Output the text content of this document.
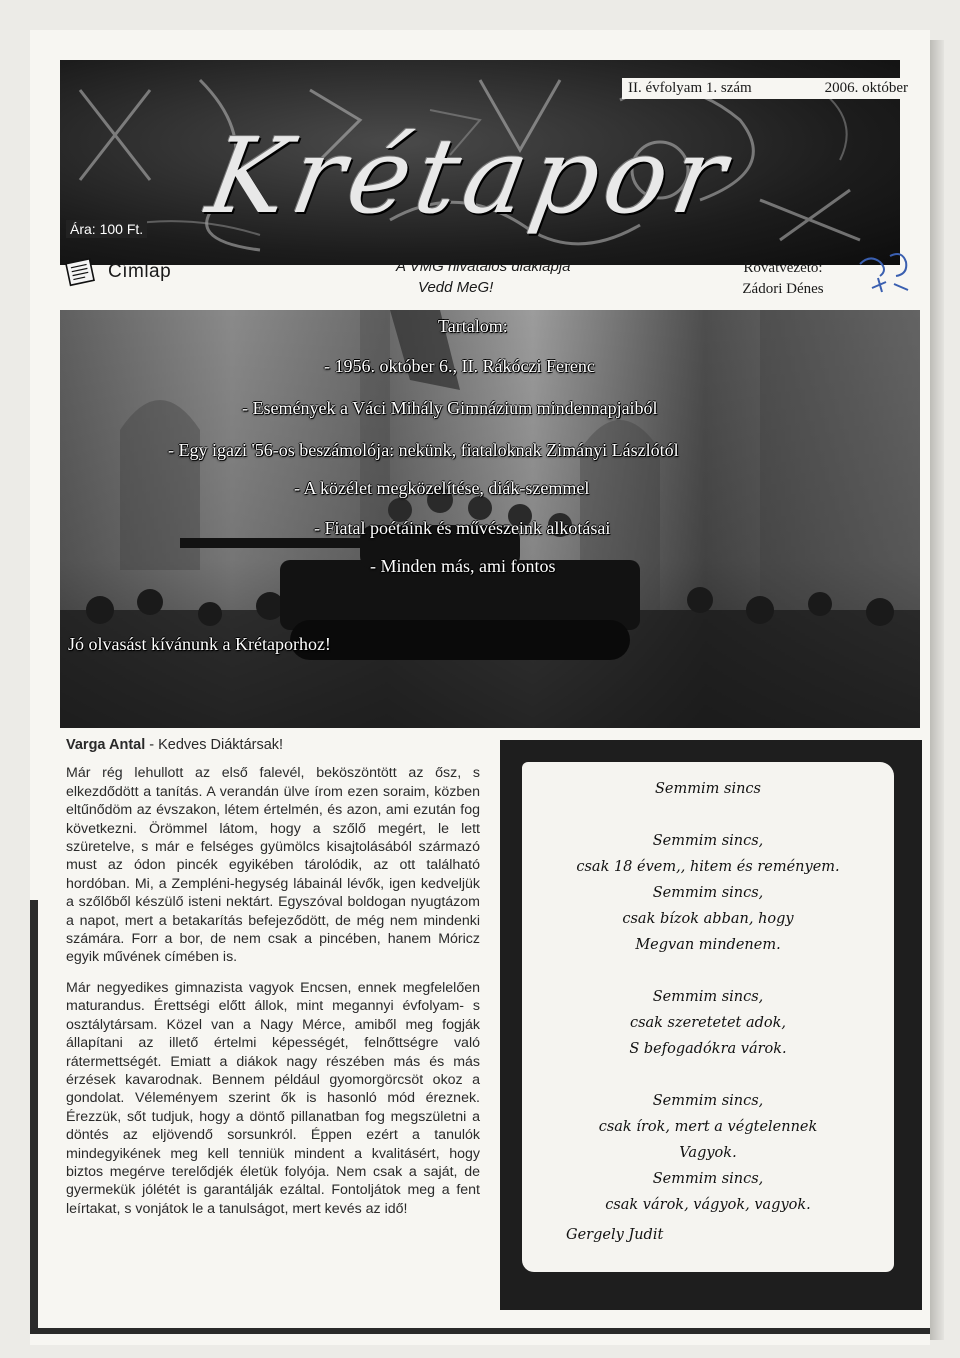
Krétapor
II. évfolyam 1. szám	2006. október
Ára: 100 Ft.
Címlap	A VMG hivatalos diáklapja
Vedd MeG!
Rovatvezető:
Zádori Dénes
Tartalom:
- 1956. október 6., II. Rákóczi Ferenc
- Események a Váci Mihály Gimnázium mindennapjaiból
- Egy igazi '56-os beszámolója: nekünk, fiataloknak Zimányi Lászlótól
- A közélet megközelítése, diák-szemmel
- Fiatal poétáink és művészeink alkotásai
- Minden más, ami fontos
Jó olvasást kívánunk a Krétaporhoz!
Varga Antal - Kedves Diáktársak!

Már rég lehullott az első falevél, beköszöntött az ősz, s elkezdődött a tanítás. A verandán ülve írom ezen soraim, közben eltűnődöm az évszakon, létem értelmén, és azon, ami ezután fog következni. Örömmel látom, hogy a szőlő megért, le lett szüretelve, s már e felséges gyümölcs kisajtolásából származó must az ódon pincék egyikében tárolódik, az ott található hordóban. Mi, a Zempléni-hegység lábainál lévők, igen kedveljük a szőlőből készülő isteni nektárt. Egyszóval boldogan nyugtázom a napot, mert a betakarítás befejeződött, de még nem mindenki számára. Forr a bor, de nem csak a pincében, hanem Móricz egyik művének címében is.

Már negyedikes gimnazista vagyok Encsen, ennek megfelelően maturandus. Érettségi előtt állok, mint megannyi évfolyam- s osztálytársam. Közel van a Nagy Mérce, amiből meg fogják állapítani az illető értelmi képességét, felnőttségre való rátermettségét. Emiatt a diákok nagy részében más és más érzések kavarodnak. Bennem például gyomorgörcsöt okoz a gondolat. Véleményem szerint ők is hasonló mód éreznek. Érezzük, sőt tudjuk, hogy a döntő pillanatban fog megszületni a döntés az eljövendő sorsunkról. Éppen ezért a tanulók mindegyikének meg kell tenniük mindent a kvalitásért, hogy biztos megérve terelődjék életük folyója. Nem csak a saját, de gyermekük jólétét is garantálják ezáltal. Fontoljátok meg a fent leírtakat, s vonjátok le a tanulságot, mert kevés az idő!

Semmim sincs
Semmim sincs,
csak 18 évem,, hitem és reményem.
Semmim sincs,
csak bízok abban, hogy
Megvan mindenem.
Semmim sincs,
csak szeretetet adok,
S befogadókra várok.
Semmim sincs,
csak írok, mert a végtelennek
Vagyok.
Semmim sincs,
csak várok, vágyok, vagyok.
Gergely Judit
